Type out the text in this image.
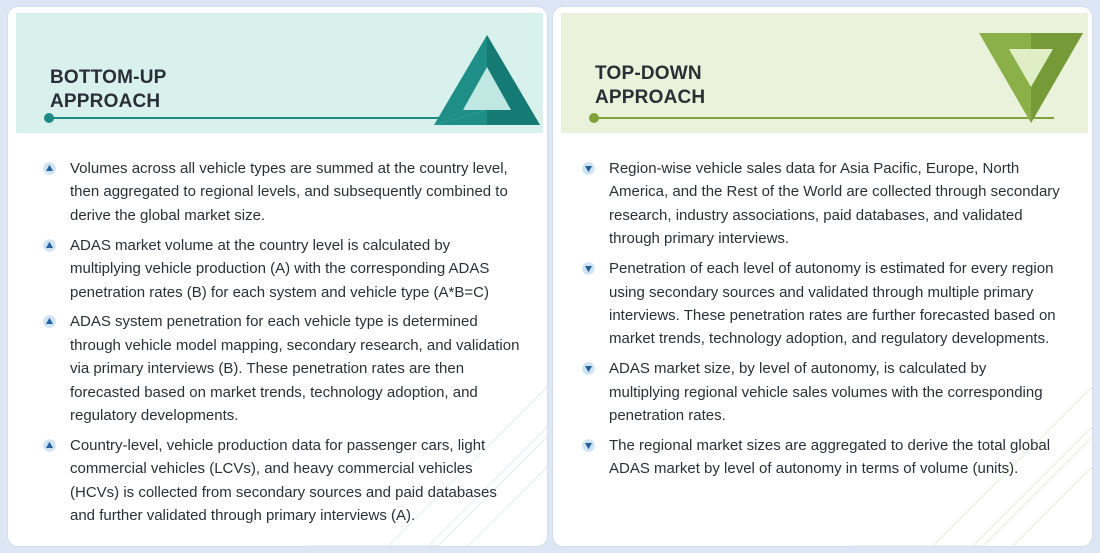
BOTTOM-UP
APPROACH
Volumes across all vehicle types are summed at the country level, then aggregated to regional levels, and subsequently combined to derive the global market size.
ADAS market volume at the country level is calculated by multiplying vehicle production (A) with the corresponding ADAS penetration rates (B) for each system and vehicle type (A*B=C)
ADAS system penetration for each vehicle type is determined through vehicle model mapping, secondary research, and validation via primary interviews (B). These penetration rates are then forecasted based on market trends, technology adoption, and regulatory developments.
Country-level, vehicle production data for passenger cars, light commercial vehicles (LCVs), and heavy commercial vehicles (HCVs) is collected from secondary sources and paid databases and further validated through primary interviews (A).
TOP-DOWN
APPROACH
Region-wise vehicle sales data for Asia Pacific, Europe, North America, and the Rest of the World are collected through secondary research, industry associations, paid databases, and validated through primary interviews.
Penetration of each level of autonomy is estimated for every region using secondary sources and validated through multiple primary interviews. These penetration rates are further forecasted based on market trends, technology adoption, and regulatory developments.
ADAS market size, by level of autonomy, is calculated by multiplying regional vehicle sales volumes with the corresponding penetration rates.
The regional market sizes are aggregated to derive the total global ADAS market by level of autonomy in terms of volume (units).
